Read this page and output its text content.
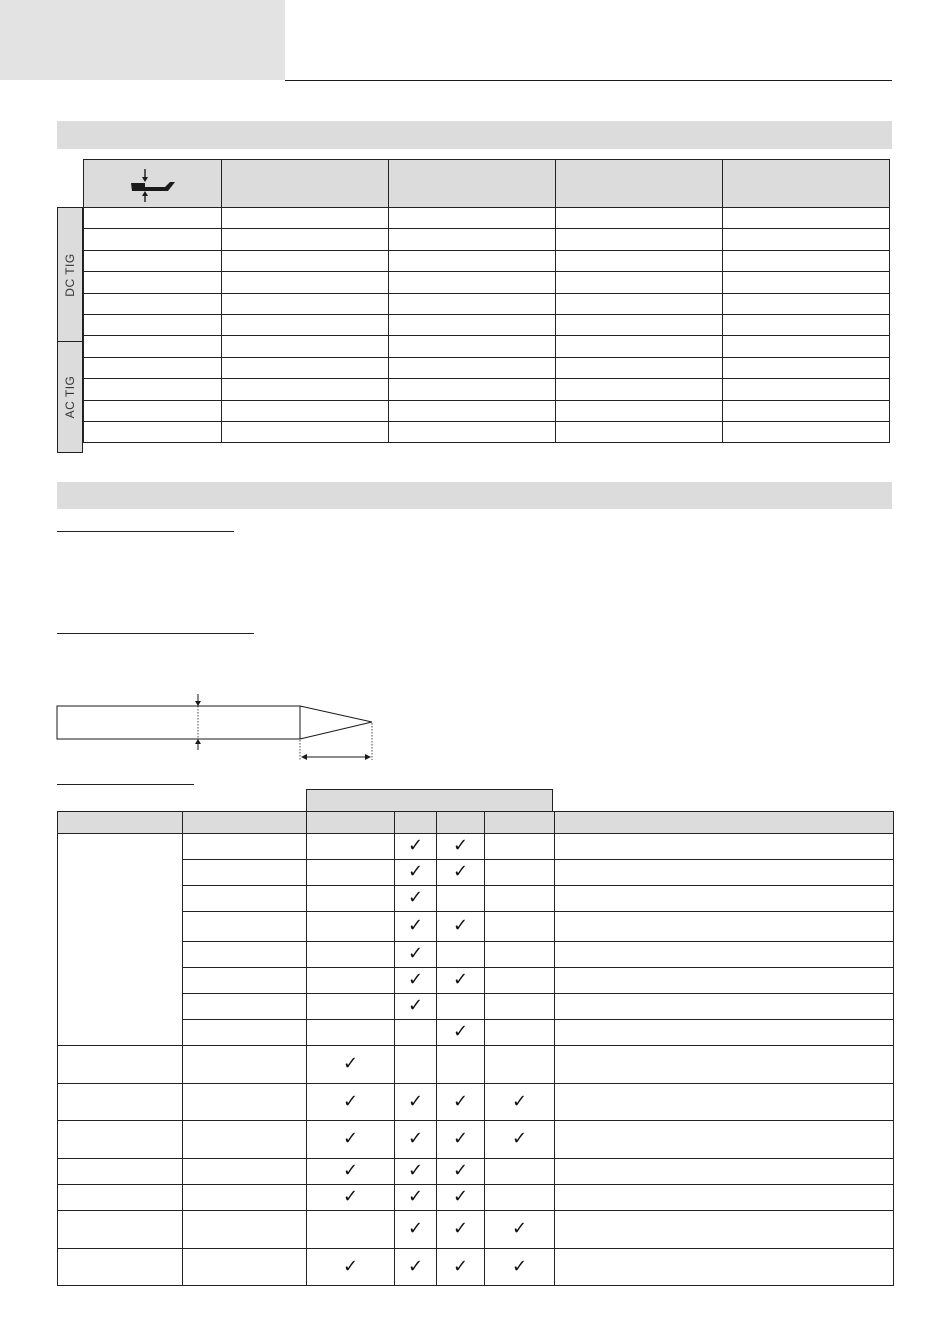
DC TIG
AC TIG

			✓	✓		
			✓	✓		
			✓			
			✓	✓		
			✓			
			✓	✓		
			✓			
				✓		
		✓				
		✓	✓	✓	✓	
		✓	✓	✓	✓	
		✓	✓	✓		
		✓	✓	✓		
			✓	✓	✓	
		✓	✓	✓	✓	
